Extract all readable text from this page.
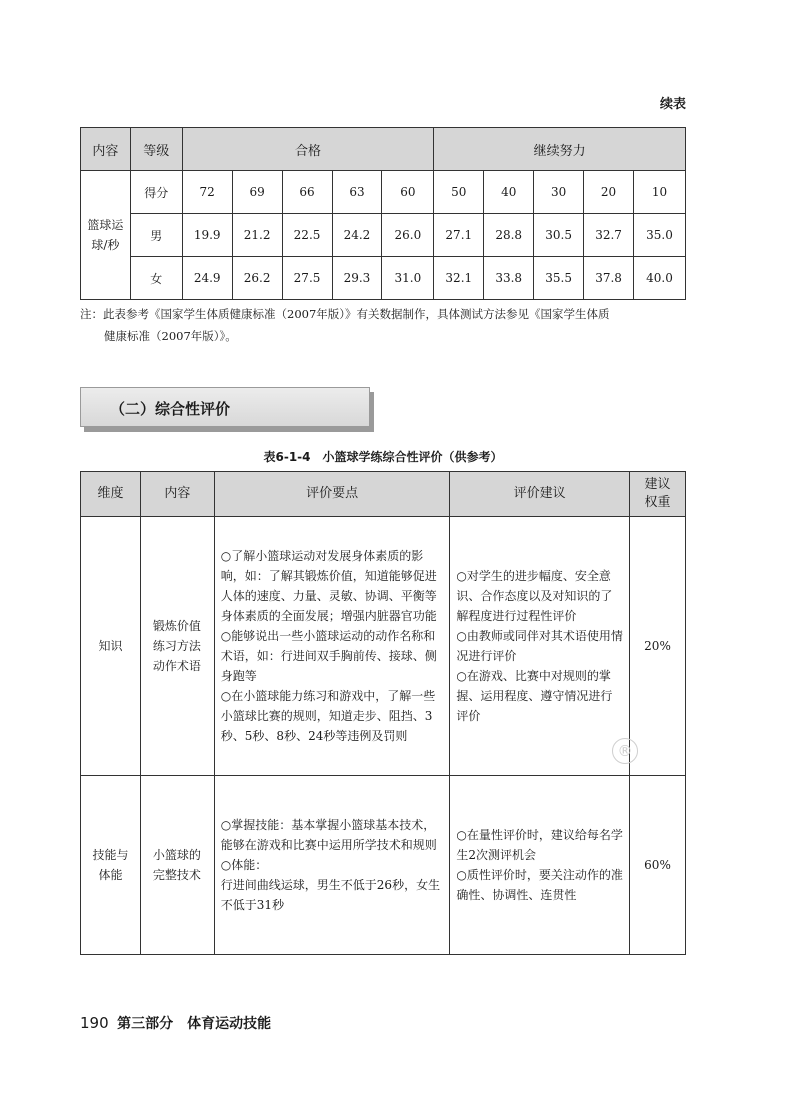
续表
内容	等级	合格					继续努力				

篮球运
球/秒	得分	72	69	66	63	60	50	40	30	20	10
	男	19.9	21.2	22.5	24.2	26.0	27.1	28.8	30.5	32.7	35.0
	女	24.9	26.2	27.5	29.3	31.0	32.1	33.8	35.5	37.8	40.0
注：此表参考《国家学生体质健康标准（2007年版）》有关数据制作，具体测试方法参见《国家学生体质
健康标准（2007年版）》。
（二）综合性评价
表6-1-4　小篮球学练综合性评价（供参考）
维度	内容	评价要点	评价建议	建议
权重

知识	锻炼价值
练习方法
动作术语	○了解小篮球运动对发展身体素质的影响，如：了解其锻炼价值，知道能够促进人体的速度、力量、灵敏、协调、平衡等身体素质的全面发展；增强内脏器官功能
○能够说出一些小篮球运动的动作名称和术语，如：行进间双手胸前传、接球、侧身跑等
○在小篮球能力练习和游戏中，了解一些小篮球比赛的规则，知道走步、阻挡、3秒、5秒、8秒、24秒等违例及罚则	○对学生的进步幅度、安全意识、合作态度以及对知识的了解程度进行过程性评价
○由教师或同伴对其术语使用情况进行评价
○在游戏、比赛中对规则的掌握、运用程度、遵守情况进行评价	20%

技能与
体能	小篮球的
完整技术	○掌握技能：基本掌握小篮球基本技术，能够在游戏和比赛中运用所学技术和规则
○体能：
行进间曲线运球，男生不低于26秒，女生不低于31秒	○在量性评价时，建议给每名学生2次测评机会
○质性评价时，要关注动作的准确性、协调性、连贯性	60%
®
190 第三部分　体育运动技能
